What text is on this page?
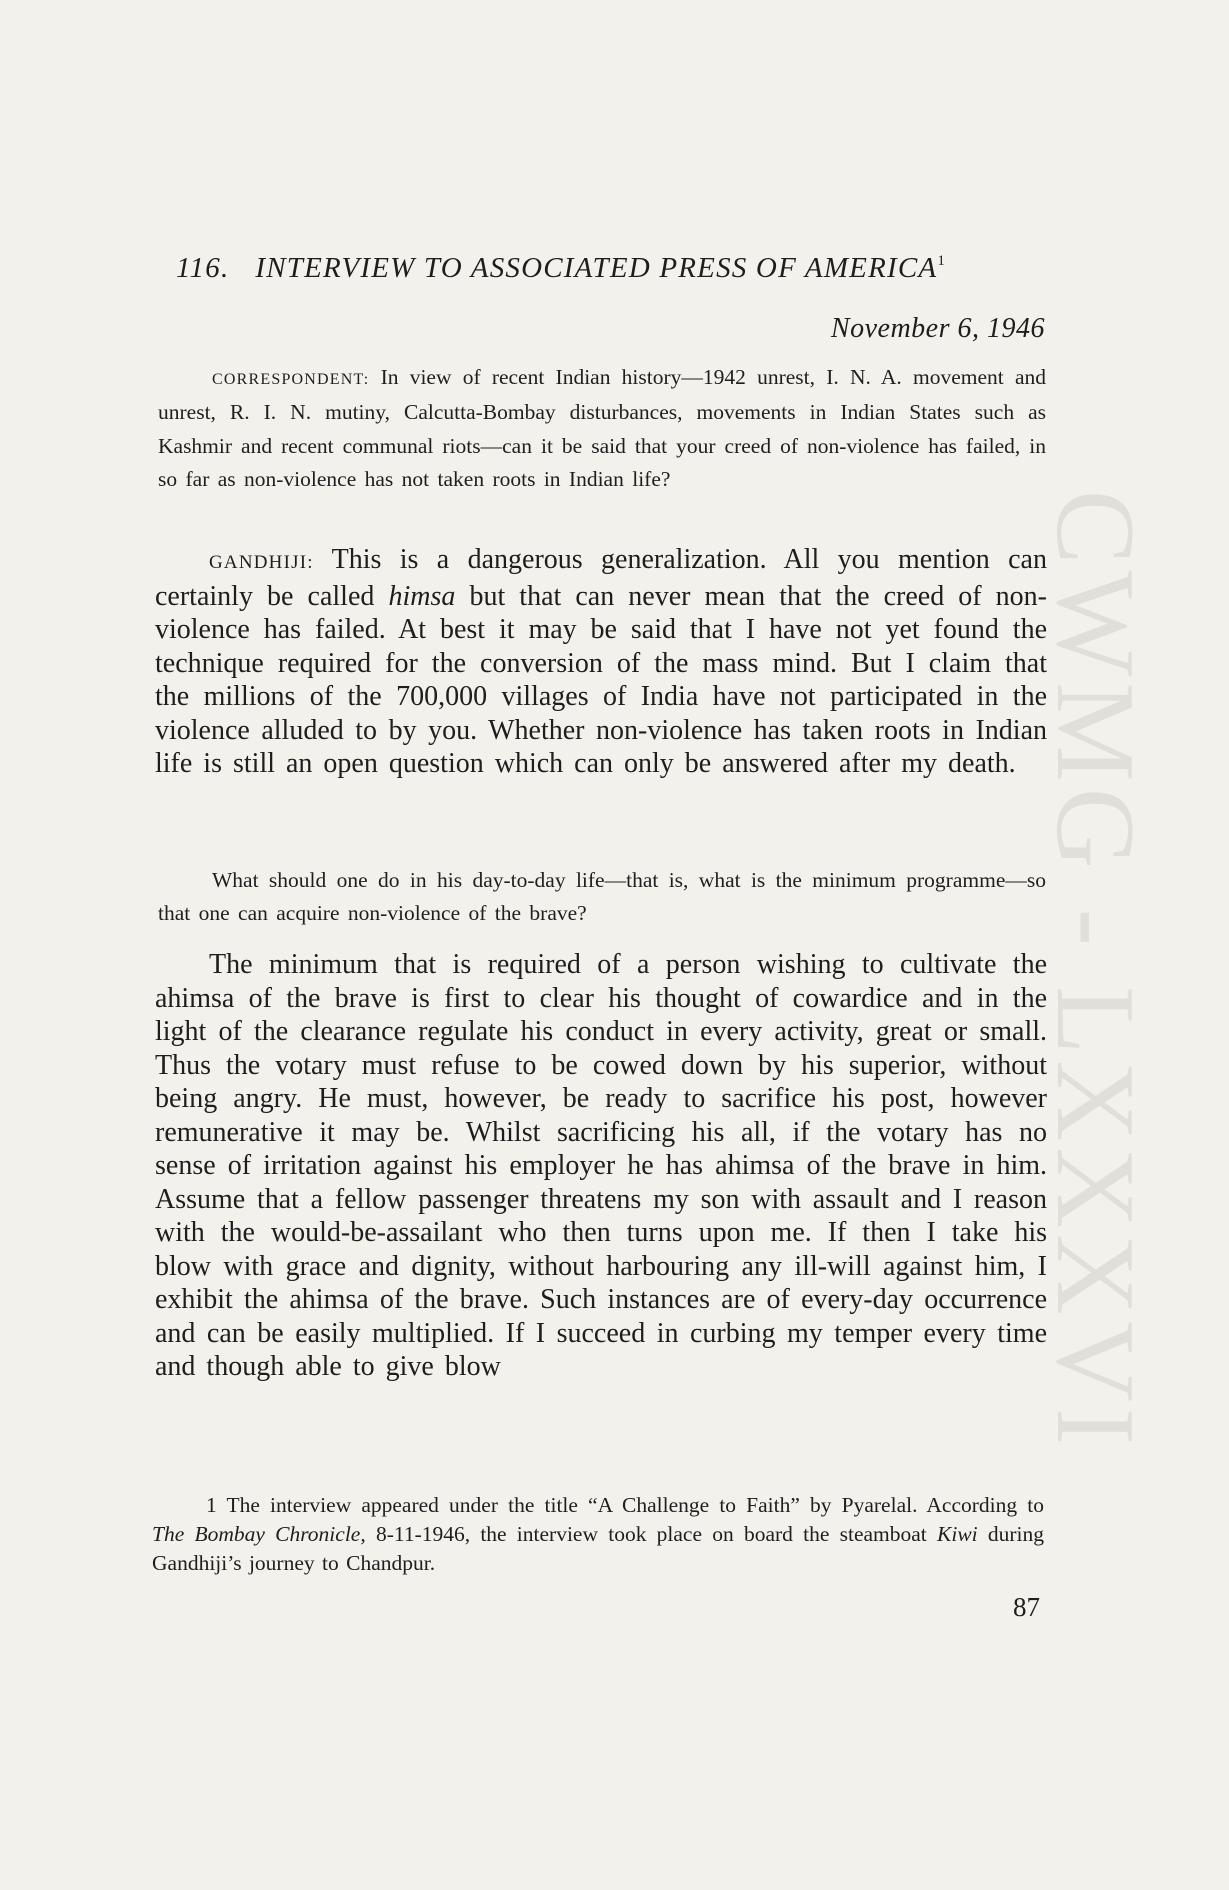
CWMG - LXXXVI
116. INTERVIEW TO ASSOCIATED PRESS OF AMERICA$^1$
November 6, 1946

CORRESPONDENT: In view of recent Indian history—1942 unrest, I. N. A. movement and unrest, R. I. N. mutiny, Calcutta-Bombay disturbances, movements in Indian States such as Kashmir and recent communal riots—can it be said that your creed of non-violence has failed, in so far as non-violence has not taken roots in Indian life?

GANDHIJI: This is a dangerous generalization. All you mention can certainly be called himsa but that can never mean that the creed of non-violence has failed. At best it may be said that I have not yet found the technique required for the conversion of the mass mind. But I claim that the millions of the 700,000 villages of India have not participated in the violence alluded to by you. Whether non-violence has taken roots in Indian life is still an open question which can only be answered after my death.

What should one do in his day-to-day life—that is, what is the minimum programme—so that one can acquire non-violence of the brave?

The minimum that is required of a person wishing to cultivate the ahimsa of the brave is first to clear his thought of cowardice and in the light of the clearance regulate his conduct in every activity, great or small. Thus the votary must refuse to be cowed down by his superior, without being angry. He must, however, be ready to sacrifice his post, however remunerative it may be. Whilst sacrificing his all, if the votary has no sense of irritation against his employer he has ahimsa of the brave in him. Assume that a fellow passenger threatens my son with assault and I reason with the would-be-assailant who then turns upon me. If then I take his blow with grace and dignity, without harbouring any ill-will against him, I exhibit the ahimsa of the brave. Such instances are of every-day occurrence and can be easily multiplied. If I succeed in curbing my temper every time and though able to give blow

1 The interview appeared under the title “A Challenge to Faith” by Pyarelal. According to The Bombay Chronicle, 8-11-1946, the interview took place on board the steamboat Kiwi during Gandhiji’s journey to Chandpur.

87
